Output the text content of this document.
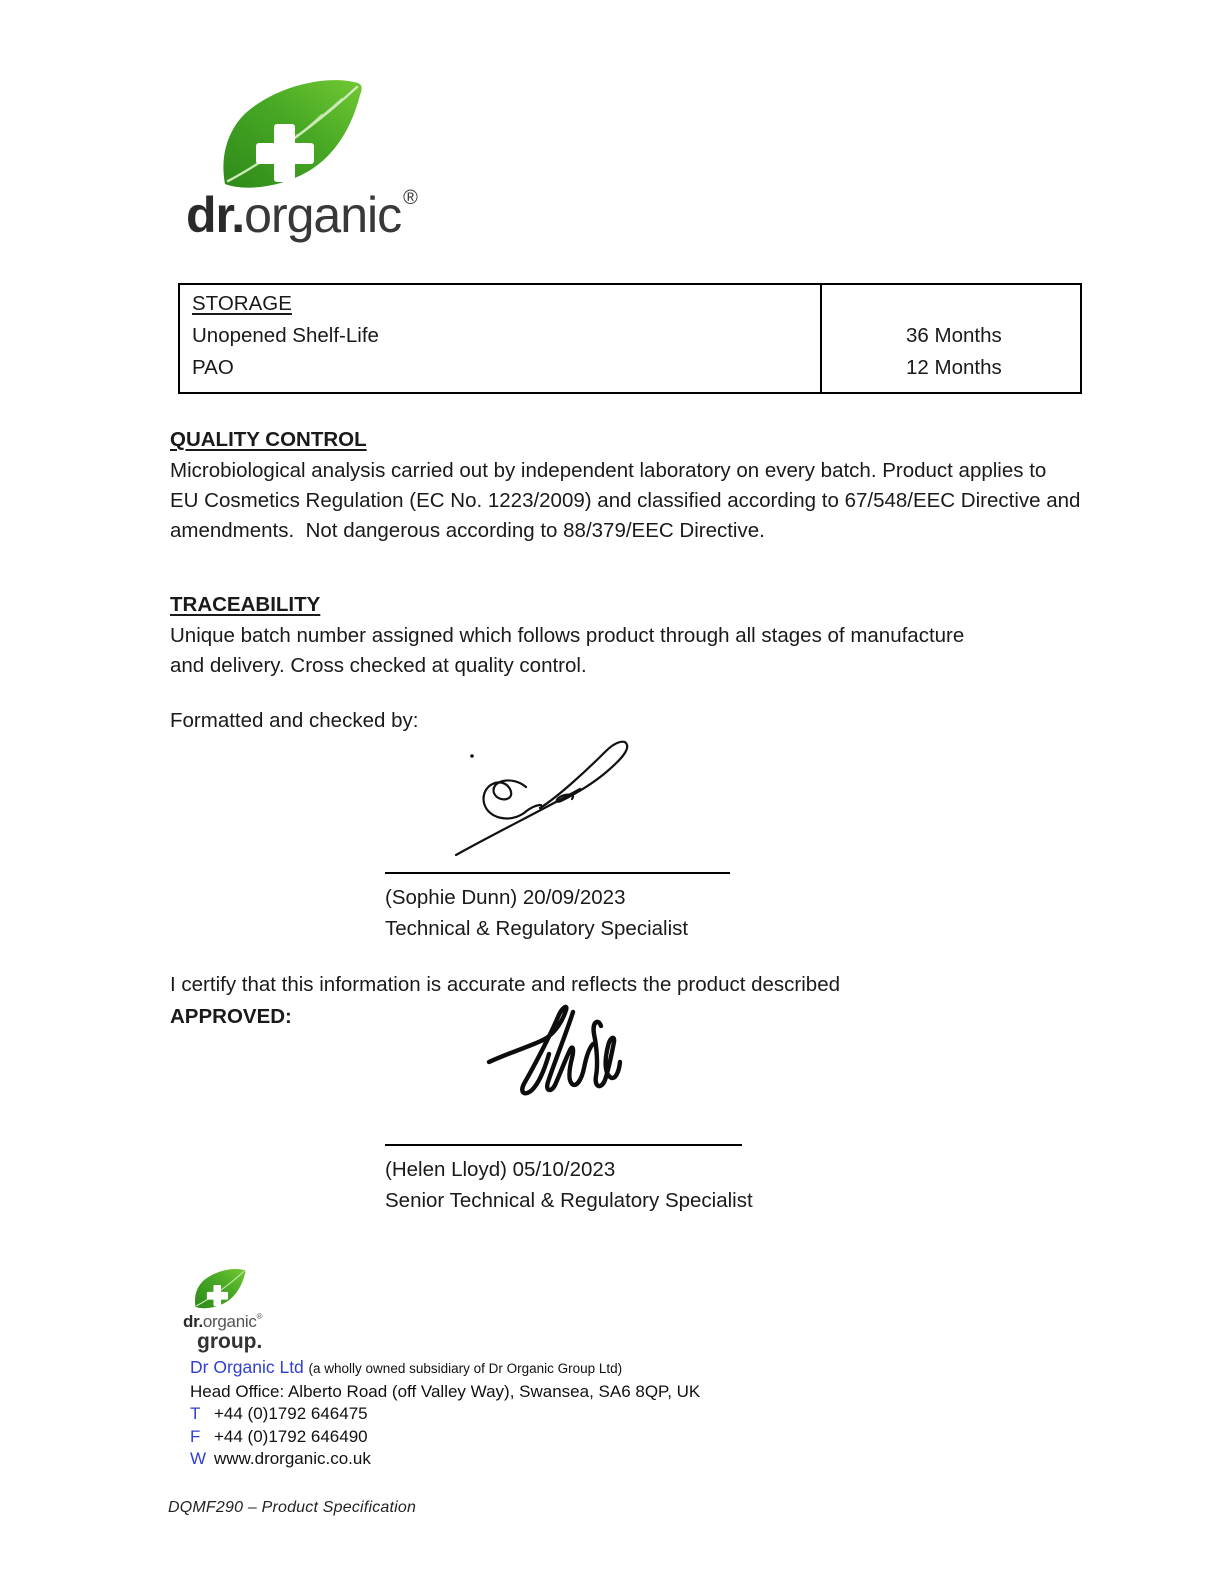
dr.organic ®
STORAGE
Unopened Shelf-Life
PAO
36 Months
12 Months
QUALITY CONTROL
Microbiological analysis carried out by independent laboratory on every batch. Product applies to
EU Cosmetics Regulation (EC No. 1223/2009) and classified according to 67/548/EEC Directive and
amendments.  Not dangerous according to 88/379/EEC Directive.
TRACEABILITY
Unique batch number assigned which follows product through all stages of manufacture
and delivery. Cross checked at quality control.
Formatted and checked by:
(Sophie Dunn) 20/09/2023
Technical & Regulatory Specialist
I certify that this information is accurate and reflects the product described
APPROVED:
(Helen Lloyd) 05/10/2023
Senior Technical & Regulatory Specialist
dr.organic®
group.
Dr Organic Ltd (a wholly owned subsidiary of Dr Organic Group Ltd)
Head Office: Alberto Road (off Valley Way), Swansea, SA6 8QP, UK
T +44 (0)1792 646475
F +44 (0)1792 646490
W www.drorganic.co.uk
DQMF290 – Product Specification
